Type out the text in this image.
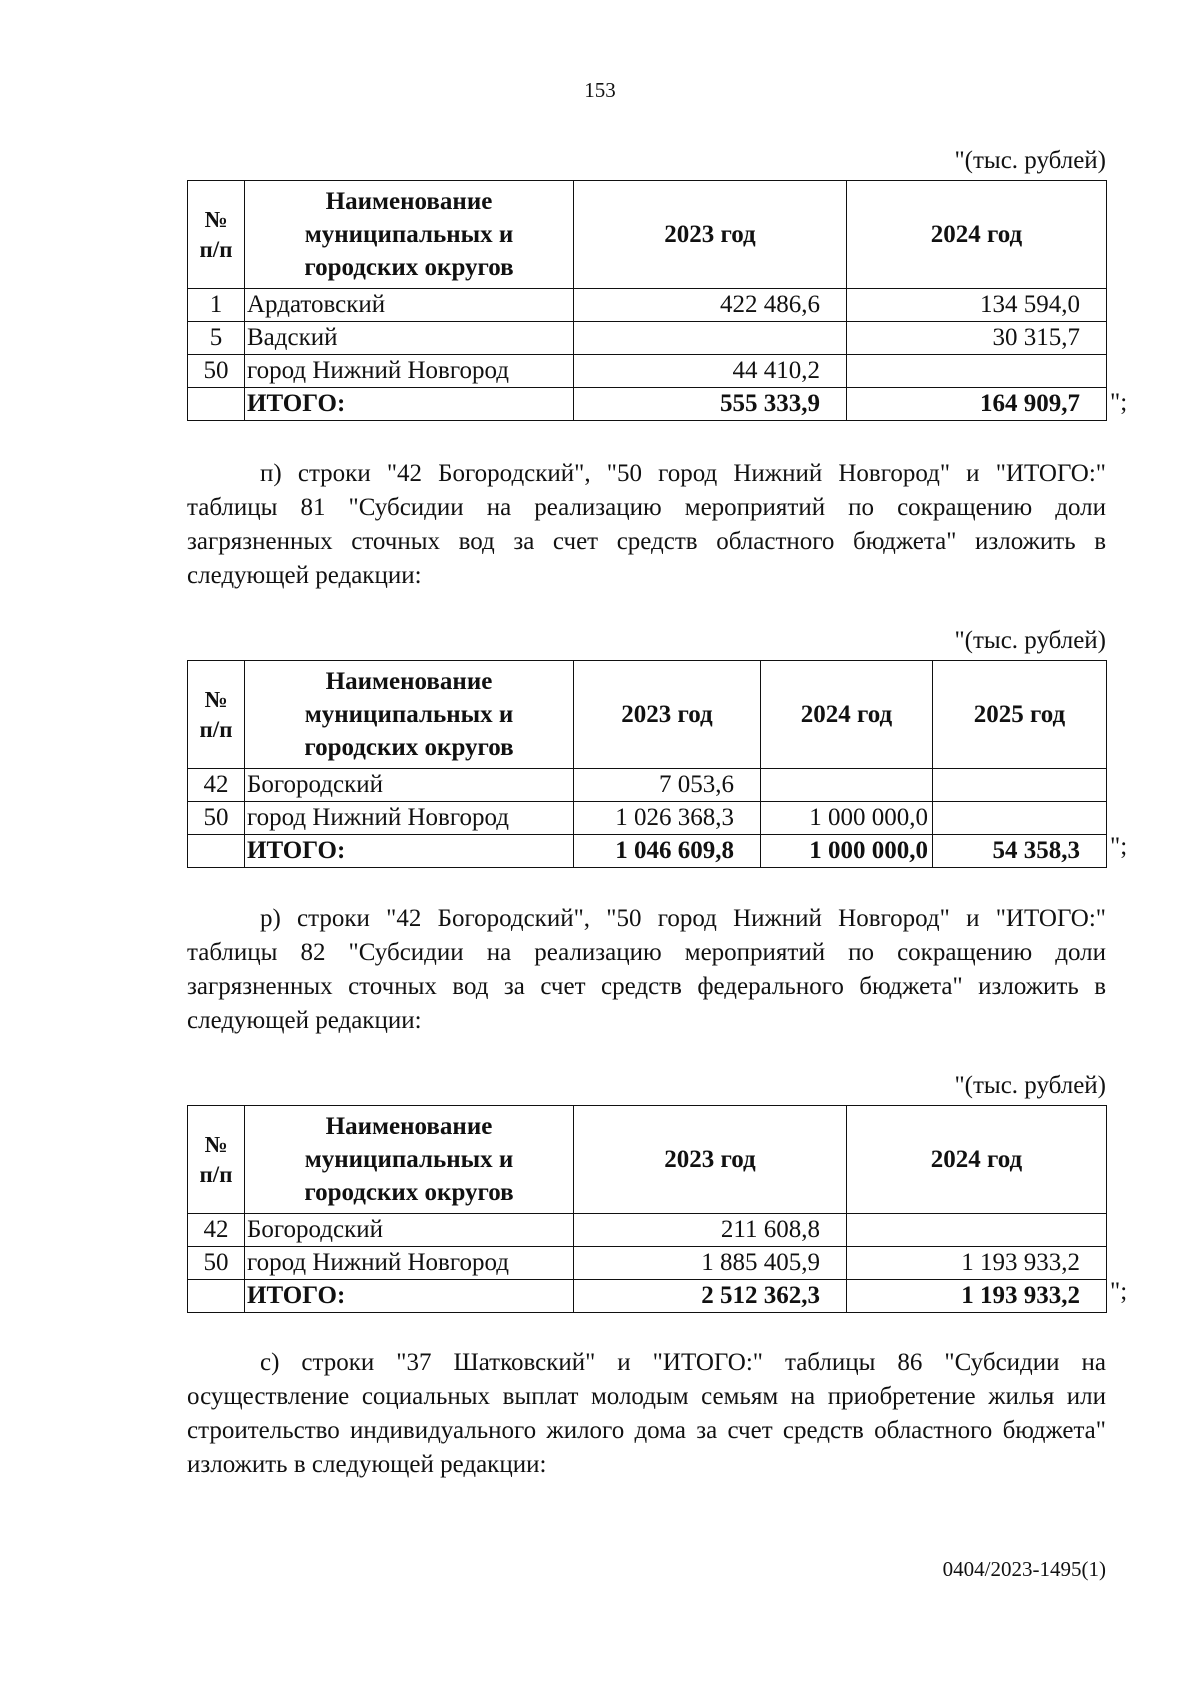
153
"(тыс. рублей)
№ п/п	Наименование муниципальных и городских округов	2023 год	2024 год
1	Ардатовский	422 486,6	134 594,0
5	Вадский		30 315,7
50	город Нижний Новгород	44 410,2	
	ИТОГО:	555 333,9	164 909,7 ";
п) строки "42 Богородский", "50 город Нижний Новгород" и "ИТОГО:" таблицы 81 "Субсидии на реализацию мероприятий по сокращению доли загрязненных сточных вод за счет средств областного бюджета" изложить в следующей редакции:
"(тыс. рублей)
№ п/п	Наименование муниципальных и городских округов	2023 год	2024 год	2025 год
42	Богородский	7 053,6		
50	город Нижний Новгород	1 026 368,3	1 000 000,0	
	ИТОГО:	1 046 609,8	1 000 000,0	54 358,3 ";
р) строки "42 Богородский", "50 город Нижний Новгород" и "ИТОГО:" таблицы 82 "Субсидии на реализацию мероприятий по сокращению доли загрязненных сточных вод за счет средств федерального бюджета" изложить в следующей редакции:
"(тыс. рублей)
№ п/п	Наименование муниципальных и городских округов	2023 год	2024 год
42	Богородский	211 608,8	
50	город Нижний Новгород	1 885 405,9	1 193 933,2
	ИТОГО:	2 512 362,3	1 193 933,2 ";
с) строки "37 Шатковский" и "ИТОГО:" таблицы 86 "Субсидии на осуществление социальных выплат молодым семьям на приобретение жилья или строительство индивидуального жилого дома за счет средств областного бюджета" изложить в следующей редакции:
0404/2023-1495(1)
